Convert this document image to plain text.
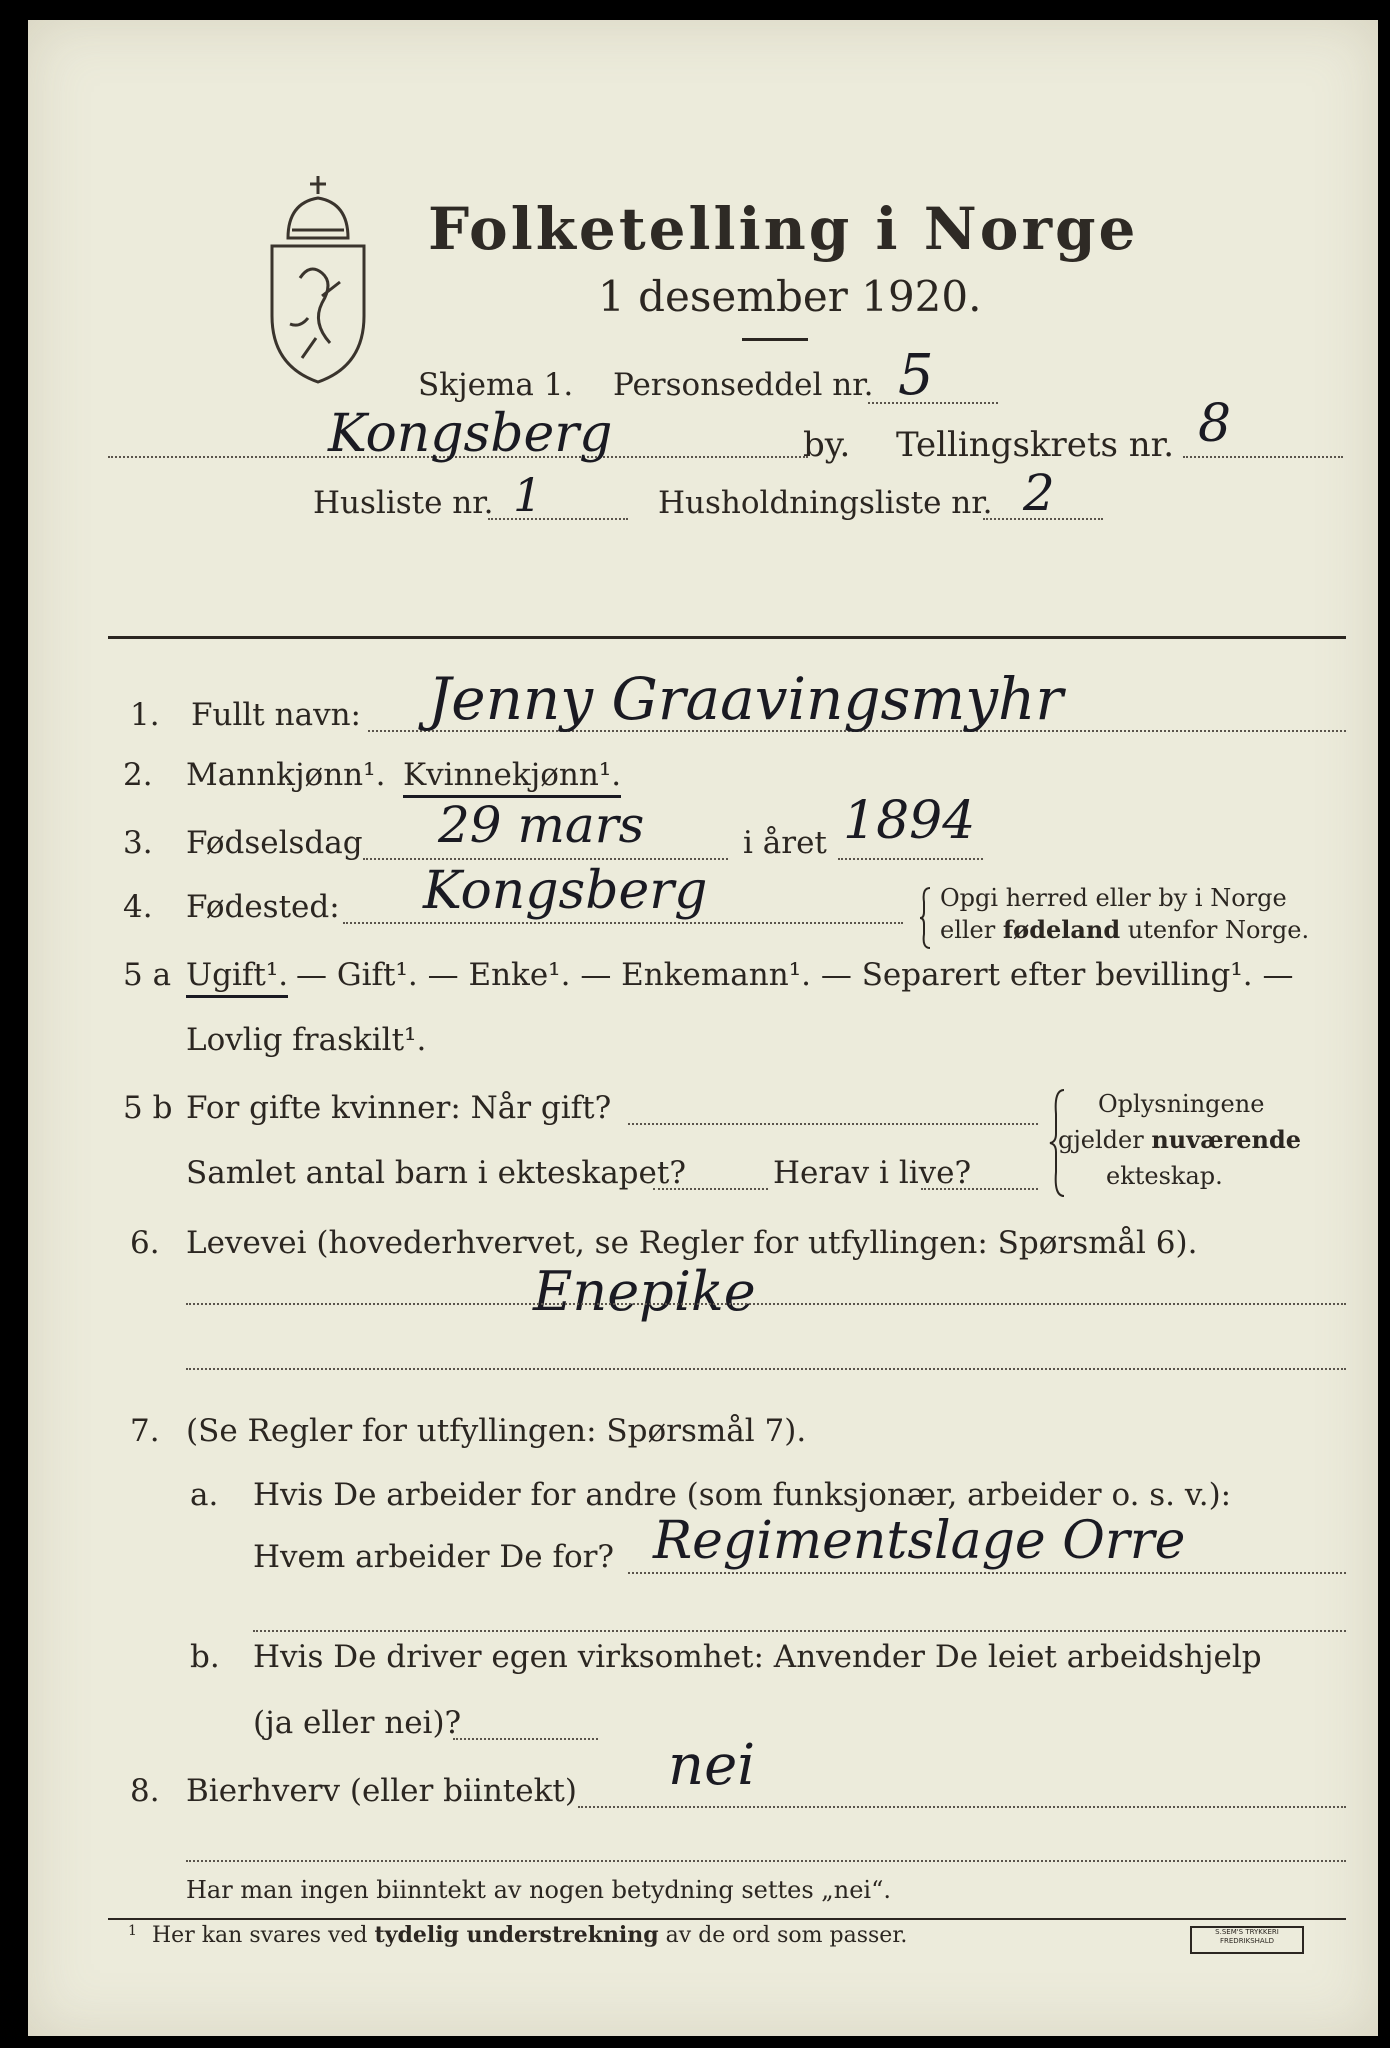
Folketelling i Norge
1 desember 1920.
Skjema 1. Personseddel nr. 5
Kongsberg	by. Tellingskrets nr. 8
Husliste nr. 1	Husholdningsliste nr. 2
1. Fullt navn: Jenny Graavingsmyhr
2. Mannkjønn¹. Kvinnekjønn¹.
3. Fødselsdag 29 mars	i året 1894
4. Fødested: Kongsberg	Opgi herred eller by i Norge
eller fødeland utenfor Norge.
5 a Ugift¹. — Gift¹. — Enke¹. — Enkemann¹. — Separert efter bevilling¹. —
Lovlig fraskilt¹.
5 b For gifte kvinner: Når gift?
Samlet antal barn i ekteskapet?	Herav i live?
Oplysningene
gjelder nuværende
ekteskap.
6. Levevei (hovederhvervet, se Regler for utfyllingen: Spørsmål 6).
Enepike
7. (Se Regler for utfyllingen: Spørsmål 7).
a. Hvis De arbeider for andre (som funksjonær, arbeider o. s. v.):
Hvem arbeider De for? Regimentslage Orre
b. Hvis De driver egen virksomhet: Anvender De leiet arbeidshjelp
(ja eller nei)?
8. Bierhverv (eller biintekt) nei
Har man ingen biinntekt av nogen betydning settes „nei“.
1 Her kan svares ved tydelig understrekning av de ord som passer.	S.SEM'S TRYKKERI FREDRIKSHALD
